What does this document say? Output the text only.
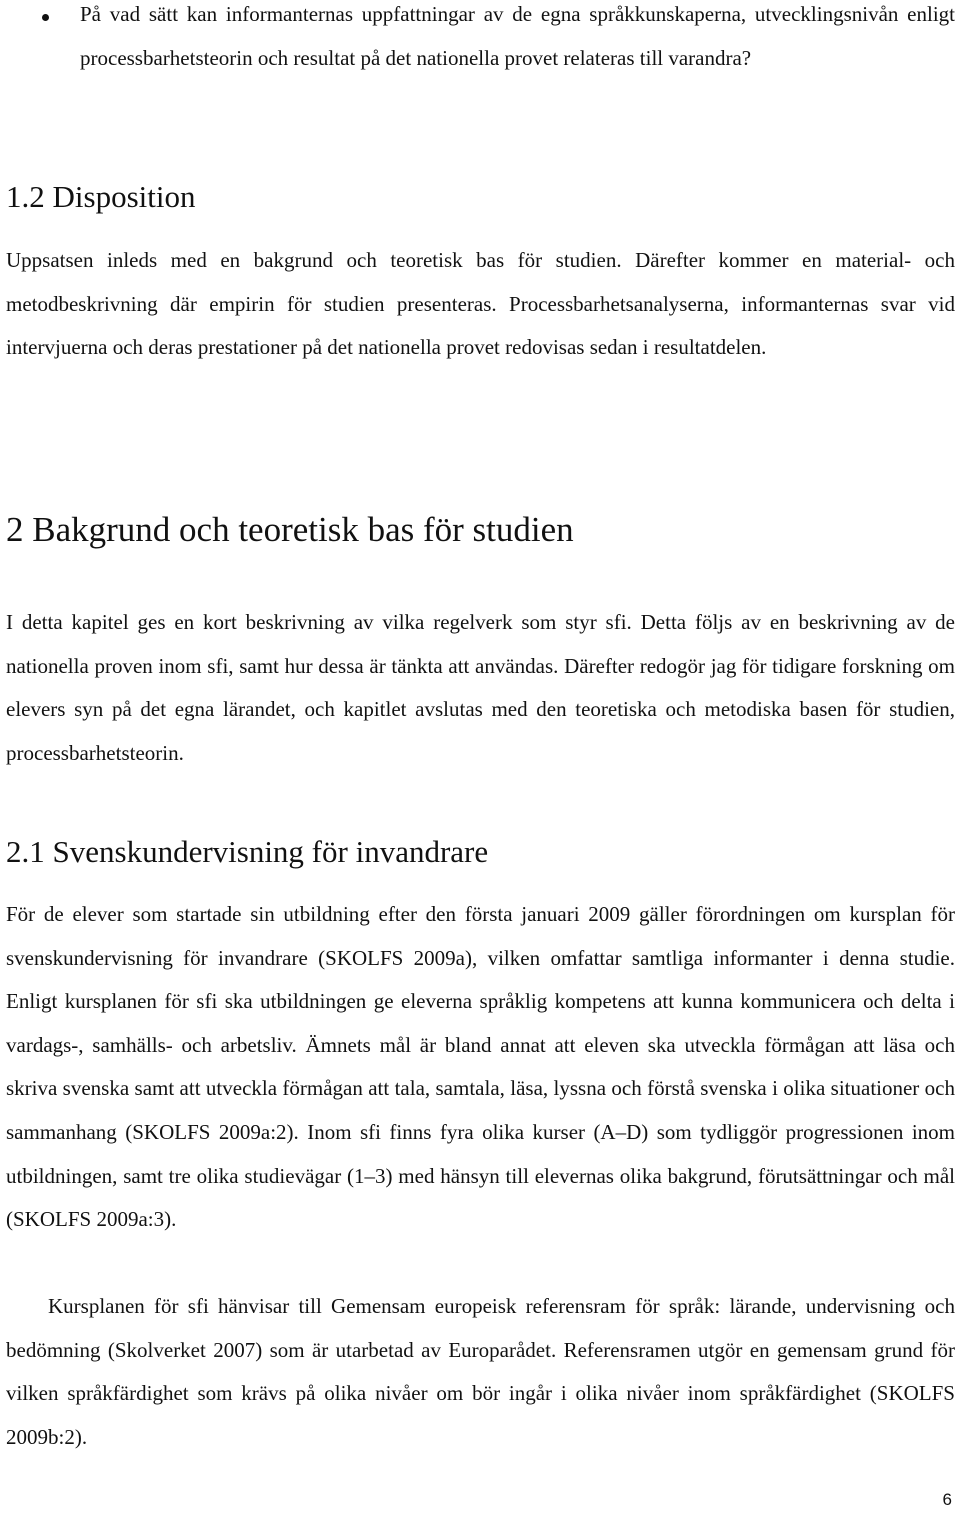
På vad sätt kan informanternas uppfattningar av de egna språkkunskaperna, utvecklingsnivån enligt processbarhetsteorin och resultat på det nationella provet relateras till varandra?

1.2 Disposition

Uppsatsen inleds med en bakgrund och teoretisk bas för studien. Därefter kommer en material- och metodbeskrivning där empirin för studien presenteras. Processbarhetsanalyserna, informanternas svar vid intervjuerna och deras prestationer på det nationella provet redovisas sedan i resultatdelen.

2 Bakgrund och teoretisk bas för studien

I detta kapitel ges en kort beskrivning av vilka regelverk som styr sfi. Detta följs av en beskrivning av de nationella proven inom sfi, samt hur dessa är tänkta att användas. Därefter redogör jag för tidigare forskning om elevers syn på det egna lärandet, och kapitlet avslutas med den teoretiska och metodiska basen för studien, processbarhetsteorin.

2.1 Svenskundervisning för invandrare

För de elever som startade sin utbildning efter den första januari 2009 gäller förordningen om kursplan för svenskundervisning för invandrare (SKOLFS 2009a), vilken omfattar samtliga informanter i denna studie. Enligt kursplanen för sfi ska utbildningen ge eleverna språklig kompetens att kunna kommunicera och delta i vardags-, samhälls- och arbetsliv. Ämnets mål är bland annat att eleven ska utveckla förmågan att läsa och skriva svenska samt att utveckla förmågan att tala, samtala, läsa, lyssna och förstå svenska i olika situationer och sammanhang (SKOLFS 2009a:2). Inom sfi finns fyra olika kurser (A–D) som tydliggör progressionen inom utbildningen, samt tre olika studievägar (1–3) med hänsyn till elevernas olika bakgrund, förutsättningar och mål (SKOLFS 2009a:3).

Kursplanen för sfi hänvisar till Gemensam europeisk referensram för språk: lärande, undervisning och bedömning (Skolverket 2007) som är utarbetad av Europarådet. Referensramen utgör en gemensam grund för vilken språkfärdighet som krävs på olika nivåer om bör ingår i olika nivåer inom språkfärdighet (SKOLFS 2009b:2).

6
